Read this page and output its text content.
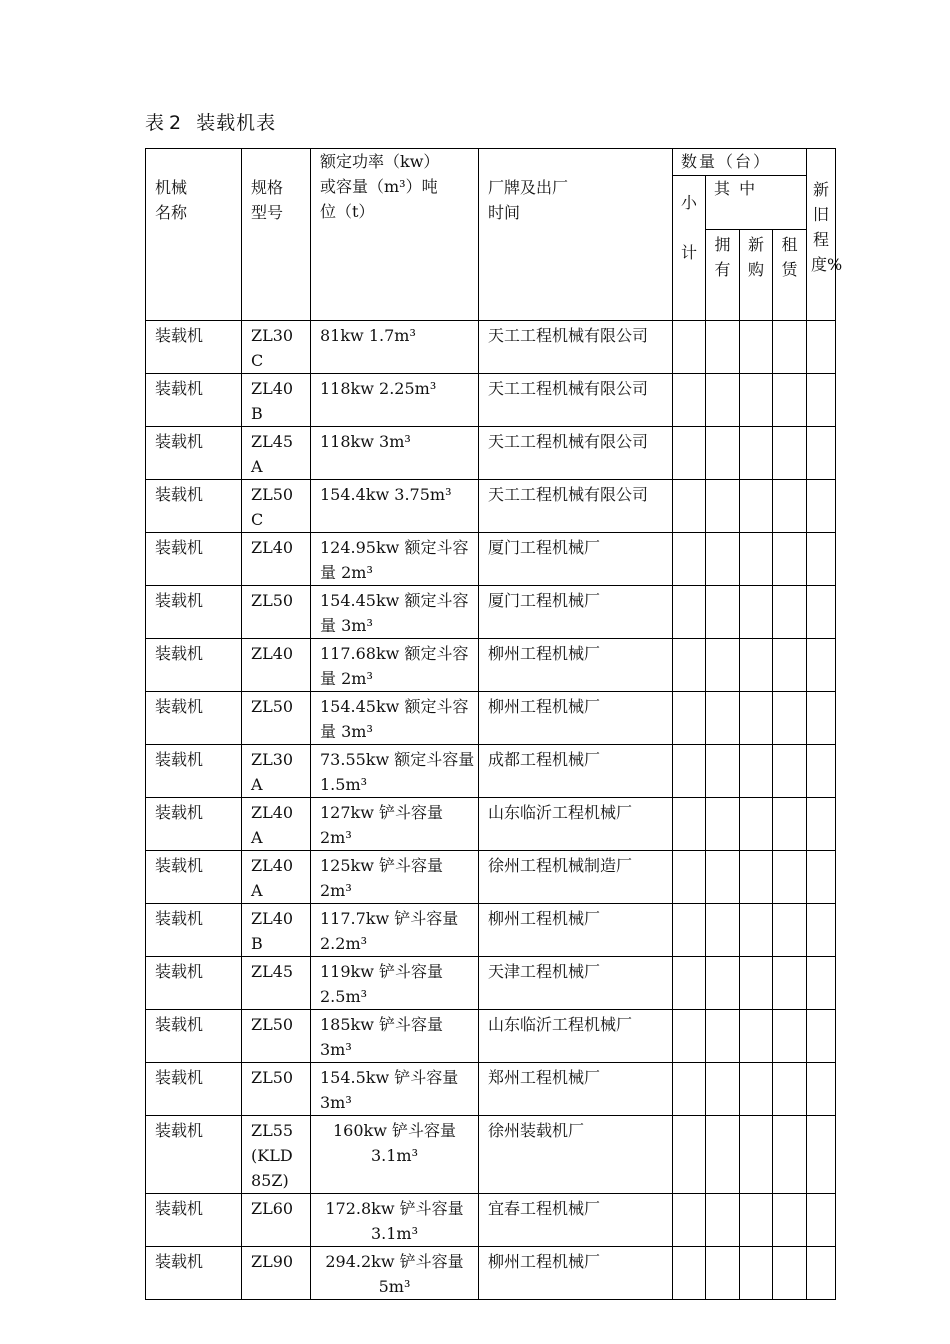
表 2 装载机表
机械名称	规格型号	额定功率（kw）或容量（m³）吨位（t）	厂牌及出厂时间	数量（台）				新旧程度%
				小计	其 中			
					拥有	新购	租赁	
装载机	ZL30C	81kw 1.7m³	天工工程机械有限公司					
装载机	ZL40B	118kw 2.25m³	天工工程机械有限公司					
装载机	ZL45A	118kw 3m³	天工工程机械有限公司					
装载机	ZL50C	154.4kw 3.75m³	天工工程机械有限公司					
装载机	ZL40	124.95kw 额定斗容量 2m³	厦门工程机械厂					
装载机	ZL50	154.45kw 额定斗容量 3m³	厦门工程机械厂					
装载机	ZL40	117.68kw 额定斗容量 2m³	柳州工程机械厂					
装载机	ZL50	154.45kw 额定斗容量 3m³	柳州工程机械厂					
装载机	ZL30A	73.55kw 额定斗容量 1.5m³	成都工程机械厂					
装载机	ZL40A	127kw 铲斗容量 2m³	山东临沂工程机械厂					
装载机	ZL40A	125kw 铲斗容量 2m³	徐州工程机械制造厂					
装载机	ZL40B	117.7kw 铲斗容量 2.2m³	柳州工程机械厂					
装载机	ZL45	119kw 铲斗容量 2.5m³	天津工程机械厂					
装载机	ZL50	185kw 铲斗容量 3m³	山东临沂工程机械厂					
装载机	ZL50	154.5kw 铲斗容量 3m³	郑州工程机械厂					
装载机	ZL55(KLD85Z)	160kw 铲斗容量 3.1m³	徐州装载机厂					
装载机	ZL60	172.8kw 铲斗容量 3.1m³	宜春工程机械厂					
装载机	ZL90	294.2kw 铲斗容量 5m³	柳州工程机械厂					
